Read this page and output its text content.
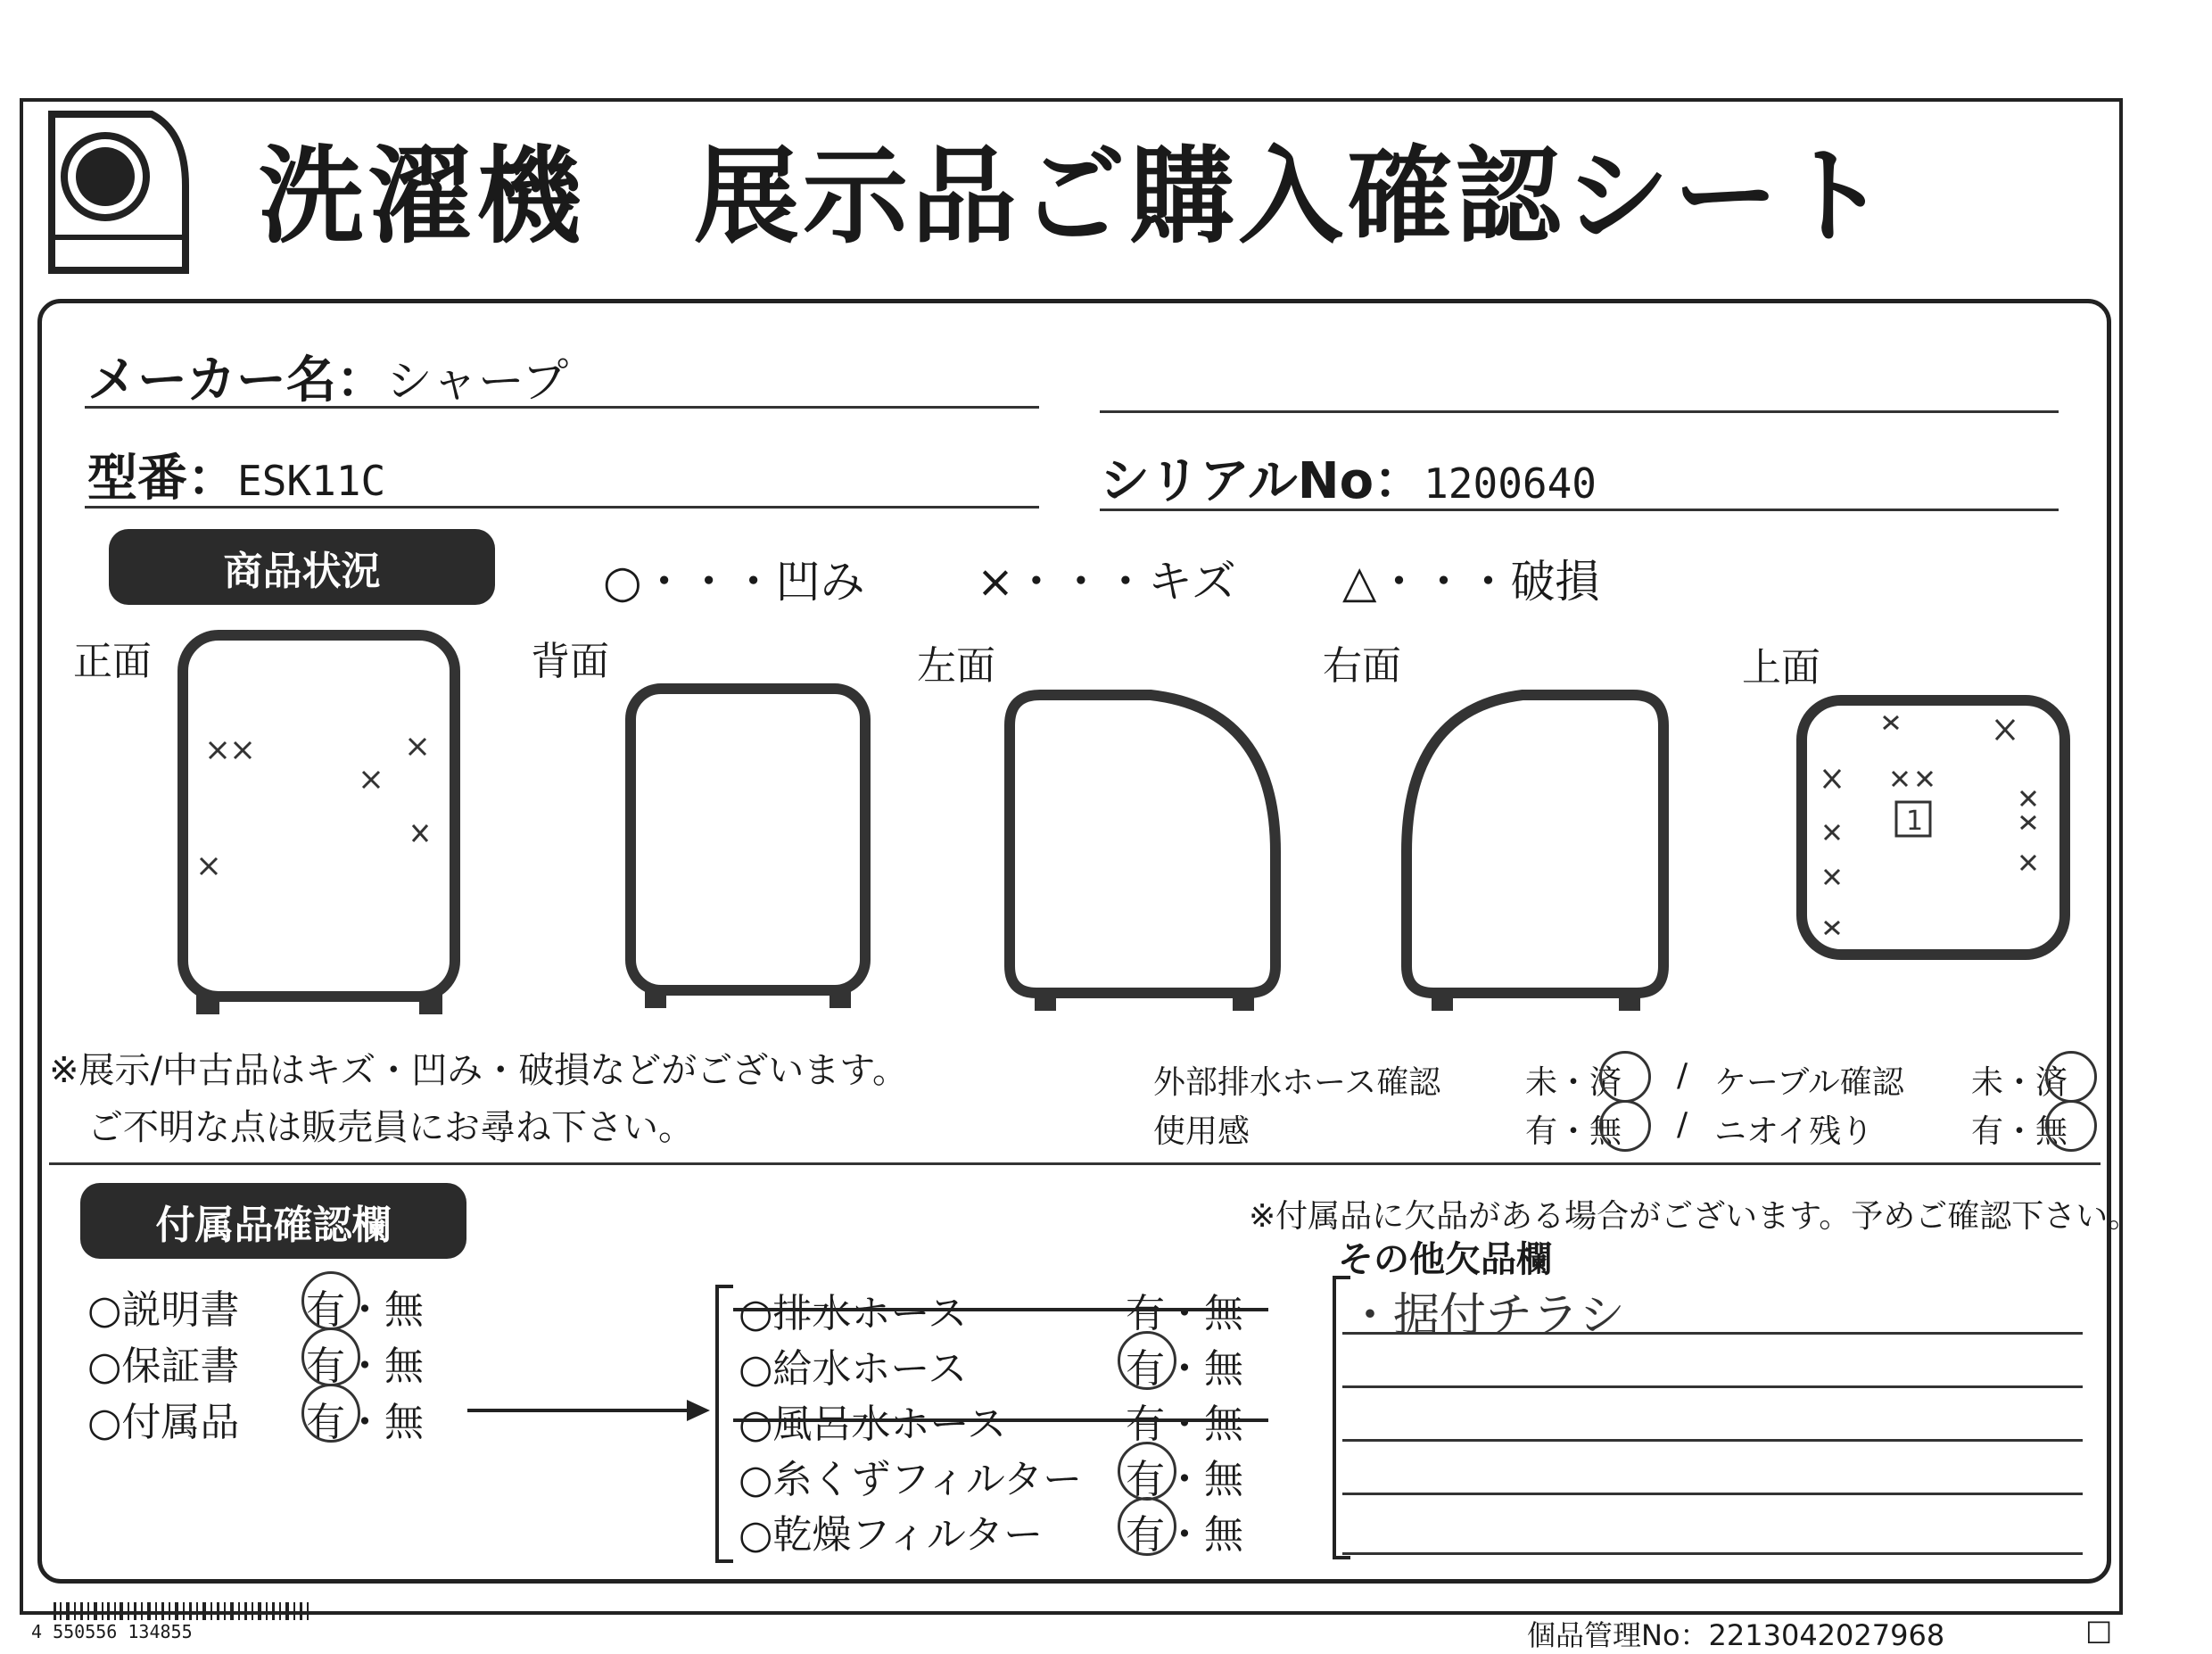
洗濯機　展示品ご購入確認シート
メーカー名：シャープ
型番：ESK11C	シリアルNo：1200640
商品状況	○・・・凹み	×・・・キズ △・・・破損
正面	背面	左面	右面	上面
1
※展示/中古品はキズ・凹み・破損などがございます。
ご不明な点は販売員にお尋ね下さい。
外部排水ホース確認	未・済 / ケーブル確認 未・済
使用感	有・無 / ニオイ残り	有・無
付属品確認欄	※付属品に欠品がある場合がございます。予めご確認下さい。
○説明書 有・無
○保証書 有・無
○付属品 有・無
○排水ホース	有・無
○給水ホース	有・無
○風呂水ホース	有・無
○糸くずフィルター 有・無
○乾燥フィルター 有・無
その他欠品欄
・据付チラシ
4 550556 134855	個品管理No：2213042027968	□
